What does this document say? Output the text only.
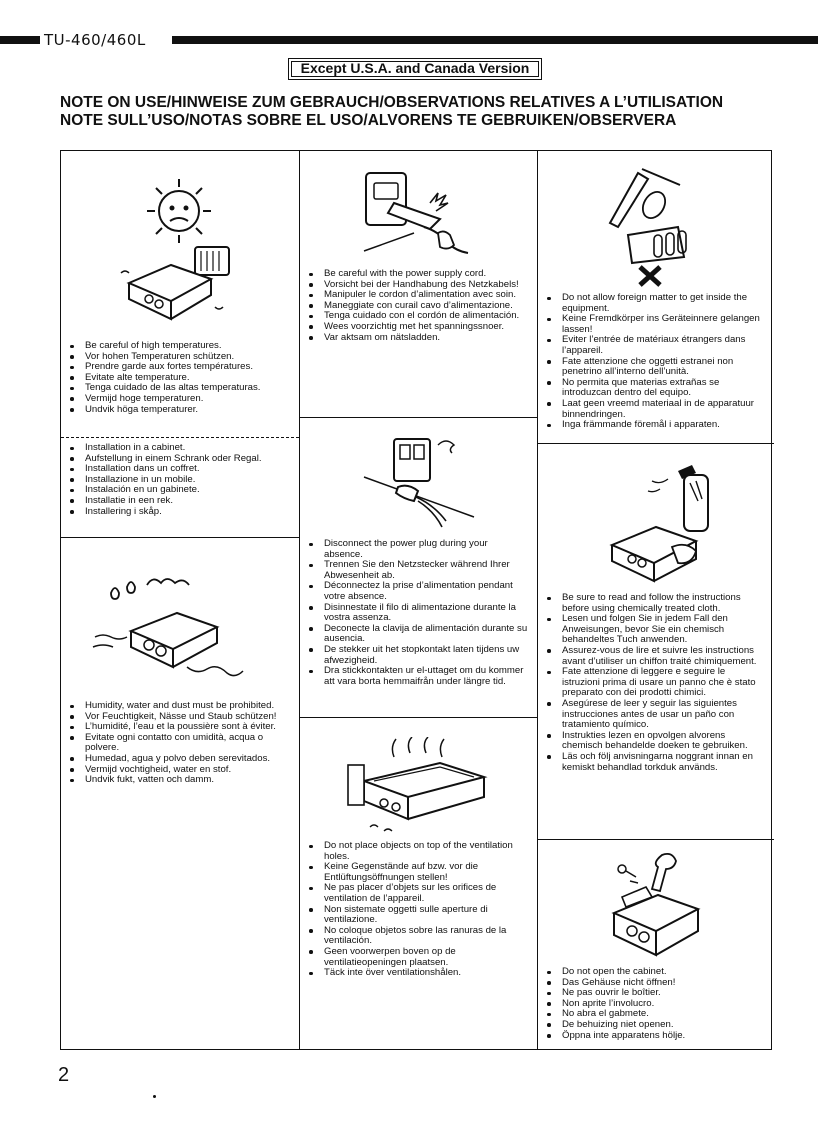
TU-460/460L
Except U.S.A. and Canada Version
NOTE ON USE/HINWEISE ZUM GEBRAUCH/OBSERVATIONS RELATIVES A L’UTILISATION
NOTE SULL’USO/NOTAS SOBRE EL USO/ALVORENS TE GEBRUIKEN/OBSERVERA
Be careful of high temperatures.
Vor hohen Temperaturen schützen.
Prendre garde aux fortes températures.
Evitate alte temperature.
Tenga cuidado de las altas temperaturas.
Vermijd hoge temperaturen.
Undvik höga temperaturer.
Installation in a cabinet.
Aufstellung in einem Schrank oder Regal.
Installation dans un coffret.
Installazione in un mobile.
Instalación en un gabinete.
Installatie in een rek.
Installering i skåp.
Humidity, water and dust must be prohibited.
Vor Feuchtigkeit, Nässe und Staub schützen!
L’humidité, l’eau et la poussière sont à éviter.
Evitate ogni contatto con umidità, acqua o polvere.
Humedad, agua y polvo deben serevitados.
Vermijd vochtigheid, water en stof.
Undvik fukt, vatten och damm.
Be careful with the power supply cord.
Vorsicht bei der Handhabung des Netzkabels!
Manipuler le cordon d’alimentation avec soin.
Maneggiate con curail cavo d’alimentazione.
Tenga cuidado con el cordón de alimentación.
Wees voorzichtig met het spanningssnoer.
Var aktsam om nätsladden.
Disconnect the power plug during your absence.
Trennen Sie den Netzstecker während Ihrer Abwesenheit ab.
Déconnectez la prise d’alimentation pendant votre absence.
Disinnestate il filo di alimentazione durante la vostra assenza.
Deconecte la clavija de alimentación durante su ausencia.
De stekker uit het stopkontakt laten tijdens uw afwezigheid.
Dra stickkontakten ur el-uttaget om du kommer att vara borta hemmaifrån under längre tid.
Do not place objects on top of the ventilation holes.
Keine Gegenstände auf bzw. vor die Entlüftungsöffnungen stellen!
Ne pas placer d’objets sur les orifices de ventilation de l’appareil.
Non sistemate oggetti sulle aperture di ventilazione.
No coloque objetos sobre las ranuras de la ventilación.
Geen voorwerpen boven op de ventilatieopeningen plaatsen.
Täck inte över ventilationshålen.
Do not allow foreign matter to get inside the equipment.
Keine Fremdkörper ins Geräteinnere gelangen lassen!
Eviter l’entrée de matériaux étrangers dans l’appareil.
Fate attenzione che oggetti estranei non penetrino all’interno dell’unità.
No permita que materias extrañas se introduzcan dentro del equipo.
Laat geen vreemd materiaal in de apparatuur binnendringen.
Inga främmande föremål i apparaten.
Be sure to read and follow the instructions before using chemically treated cloth.
Lesen und folgen Sie in jedem Fall den Anweisungen, bevor Sie ein chemisch behandeltes Tuch anwenden.
Assurez-vous de lire et suivre les instructions avant d’utiliser un chiffon traité chimiquement.
Fate attenzione di leggere e seguire le istruzioni prima di usare un panno che è stato preparato con dei prodotti chimici.
Asegúrese de leer y seguir las siguientes instrucciones antes de usar un paño con tratamiento químico.
Instrukties lezen en opvolgen alvorens chemisch behandelde doeken te gebruiken.
Läs och följ anvisningarna noggrant innan en kemiskt behandlad torkduk används.
Do not open the cabinet.
Das Gehäuse nicht öffnen!
Ne pas ouvrir le boîtier.
Non aprite l’involucro.
No abra el gabmete.
De behuizing niet openen.
Öppna inte apparatens hölje.
2
